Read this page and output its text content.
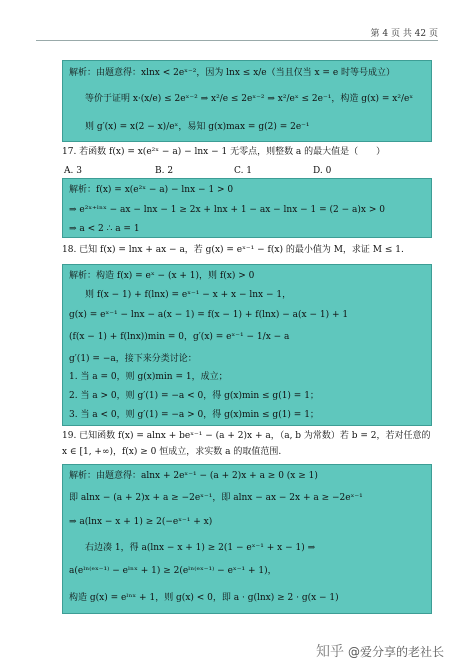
第 4 页 共 42 页
解析：由题意得：xlnx < 2eˣ⁻²，因为 lnx ≤ x/e（当且仅当 x = e 时等号成立）
等价于证明 x·(x/e) ≤ 2eˣ⁻² ⇒ x²/e ≤ 2eˣ⁻² ⇒ x²/eˣ ≤ 2e⁻¹，构造 g(x) = x²/eˣ
则 g′(x) = x(2 − x)/eˣ，易知 g(x)max = g(2) = 2e⁻¹
17. 若函数 f(x) = x(e²ˣ − a) − lnx − 1 无零点，则整数 a 的最大值是（　　）
A. 3	B. 2	C. 1	D. 0
解析：f(x) = x(e²ˣ − a) − lnx − 1 > 0
⇒ e²ˣ⁺ˡⁿˣ − ax − lnx − 1 ≥ 2x + lnx + 1 − ax − lnx − 1 = (2 − a)x > 0
⇒ a < 2 ∴ a = 1
18. 已知 f(x) = lnx + ax − a，若 g(x) = eˣ⁻¹ − f(x) 的最小值为 M，求证 M ≤ 1.
解析：构造 f(x) = eˣ − (x + 1)，则 f(x) > 0
则 f(x − 1) + f(lnx) = eˣ⁻¹ − x + x − lnx − 1，
g(x) = eˣ⁻¹ − lnx − a(x − 1) = f(x − 1) + f(lnx) − a(x − 1) + 1
(f(x − 1) + f(lnx))min = 0，g′(x) = eˣ⁻¹ − 1/x − a
g′(1) = −a，接下来分类讨论：
1. 当 a = 0，则 g(x)min = 1，成立；
2. 当 a > 0，则 g′(1) = −a < 0，得 g(x)min ≤ g(1) = 1；
3. 当 a < 0，则 g′(1) = −a > 0，得 g(x)min ≤ g(1) = 1；
19. 已知函数 f(x) = alnx + beˣ⁻¹ − (a + 2)x + a，（a, b 为常数）若 b = 2，若对任意的
x ∈ [1, +∞)，f(x) ≥ 0 恒成立，求实数 a 的取值范围.
解析：由题意得：alnx + 2eˣ⁻¹ − (a + 2)x + a ≥ 0 (x ≥ 1)
即 alnx − (a + 2)x + a ≥ −2eˣ⁻¹，即 alnx − ax − 2x + a ≥ −2eˣ⁻¹
⇒ a(lnx − x + 1) ≥ 2(−eˣ⁻¹ + x)
右边凑 1，得 a(lnx − x + 1) ≥ 2(1 − eˣ⁻¹ + x − 1) ⇒
a(eˡⁿ⁽ᵉˣ⁻¹⁾ − eˡⁿˣ + 1) ≥ 2(eˡⁿ⁽ᵉˣ⁻¹⁾ − eˣ⁻¹ + 1)，
构造 g(x) = eˡⁿˣ + 1，则 g(x) < 0，即 a · g(lnx) ≥ 2 · g(x − 1)
知乎 @爱分享的老社长
